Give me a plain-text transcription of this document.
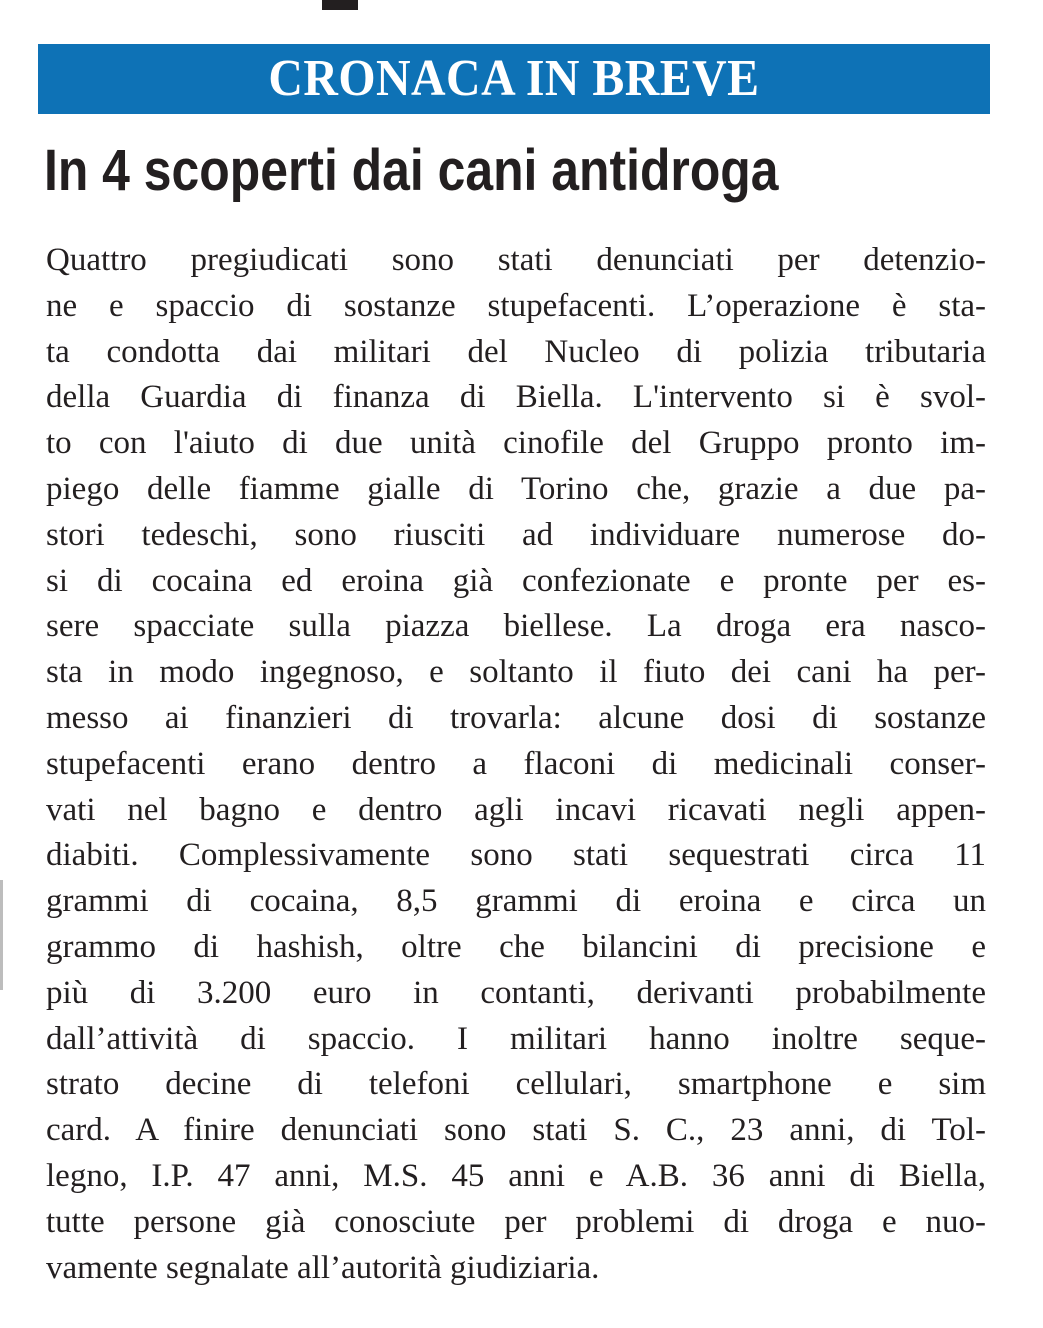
CRONACA IN BREVE
In 4 scoperti dai cani antidroga
Quattro pregiudicati sono stati denunciati per detenzio-
ne e spaccio di sostanze stupefacenti. L’operazione è sta-
ta condotta dai militari del Nucleo di polizia tributaria
della Guardia di finanza di Biella. L'intervento si è svol-
to con l'aiuto di due unità cinofile del Gruppo pronto im-
piego delle fiamme gialle di Torino che, grazie a due pa-
stori tedeschi, sono riusciti ad individuare numerose do-
si di cocaina ed eroina già confezionate e pronte per es-
sere spacciate sulla piazza biellese. La droga era nasco-
sta in modo ingegnoso, e soltanto il fiuto dei cani ha per-
messo ai finanzieri di trovarla: alcune dosi di sostanze
stupefacenti erano dentro a flaconi di medicinali conser-
vati nel bagno e dentro agli incavi ricavati negli appen-
diabiti. Complessivamente sono stati sequestrati circa 11
grammi di cocaina, 8,5 grammi di eroina e circa un
grammo di hashish, oltre che bilancini di precisione e
più di 3.200 euro in contanti, derivanti probabilmente
dall’attività di spaccio. I militari hanno inoltre seque-
strato decine di telefoni cellulari, smartphone e sim
card. A finire denunciati sono stati S. C., 23 anni, di Tol-
legno, I.P. 47 anni, M.S. 45 anni e A.B. 36 anni di Biella,
tutte persone già conosciute per problemi di droga e nuo-
vamente segnalate all’autorità giudiziaria.
